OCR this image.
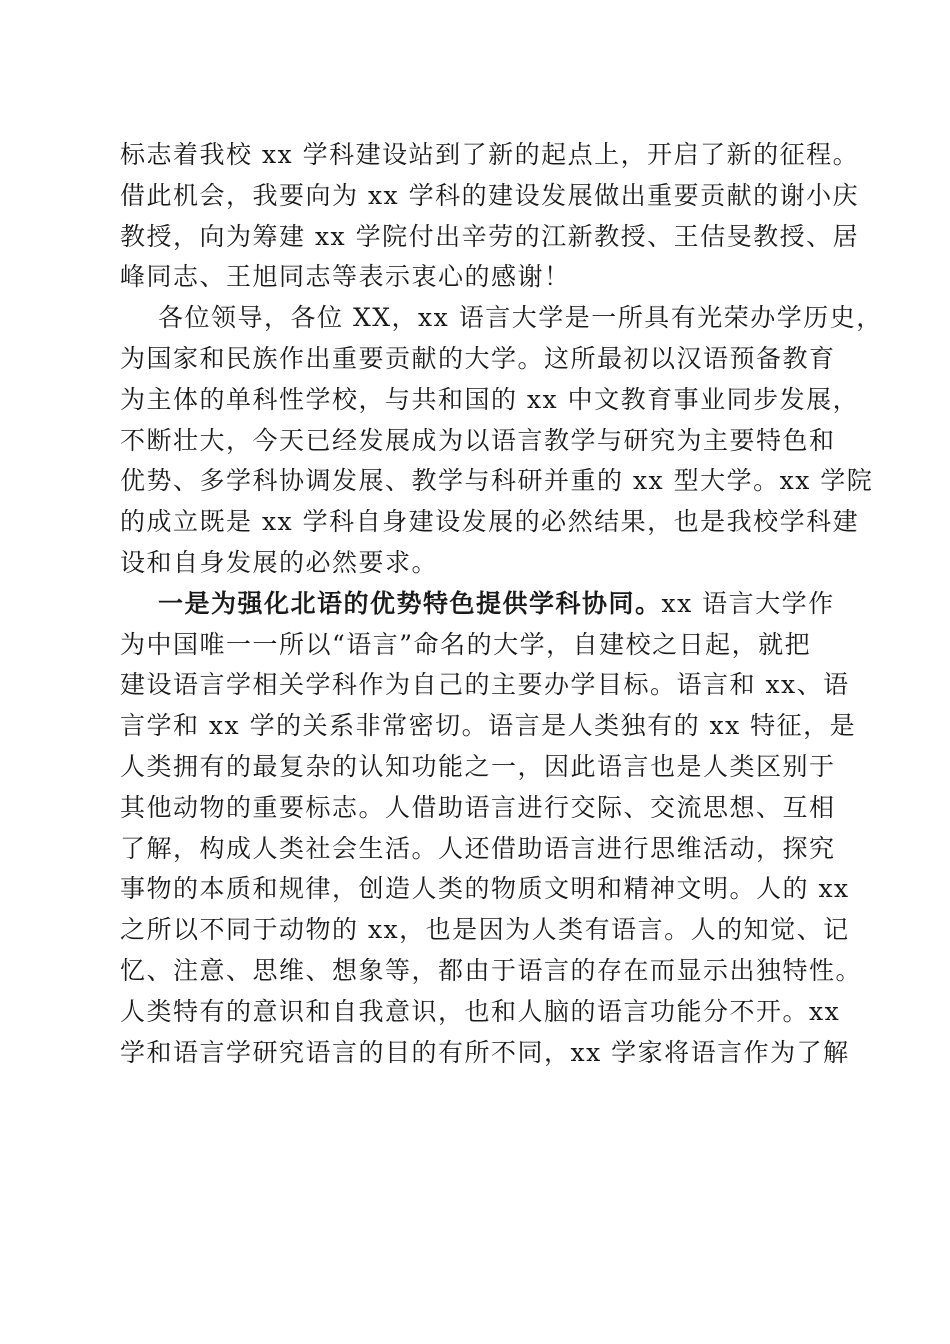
标志着我校 xx 学科建设站到了新的起点上，开启了新的征程。
借此机会，我要向为 xx 学科的建设发展做出重要贡献的谢小庆
教授，向为筹建 xx 学院付出辛劳的江新教授、王佶旻教授、居
峰同志、王旭同志等表示衷心的感谢！
各位领导，各位 XX，xx 语言大学是一所具有光荣办学历史，
为国家和民族作出重要贡献的大学。这所最初以汉语预备教育
为主体的单科性学校，与共和国的 xx 中文教育事业同步发展，
不断壮大，今天已经发展成为以语言教学与研究为主要特色和
优势、多学科协调发展、教学与科研并重的 xx 型大学。xx 学院
的成立既是 xx 学科自身建设发展的必然结果，也是我校学科建
设和自身发展的必然要求。
一是为强化北语的优势特色提供学科协同。xx 语言大学作
为中国唯一一所以“语言”命名的大学，自建校之日起，就把
建设语言学相关学科作为自己的主要办学目标。语言和 xx、语
言学和 xx 学的关系非常密切。语言是人类独有的 xx 特征，是
人类拥有的最复杂的认知功能之一，因此语言也是人类区别于
其他动物的重要标志。人借助语言进行交际、交流思想、互相
了解，构成人类社会生活。人还借助语言进行思维活动，探究
事物的本质和规律，创造人类的物质文明和精神文明。人的 xx
之所以不同于动物的 xx，也是因为人类有语言。人的知觉、记
忆、注意、思维、想象等，都由于语言的存在而显示出独特性。
人类特有的意识和自我意识，也和人脑的语言功能分不开。xx
学和语言学研究语言的目的有所不同，xx 学家将语言作为了解
